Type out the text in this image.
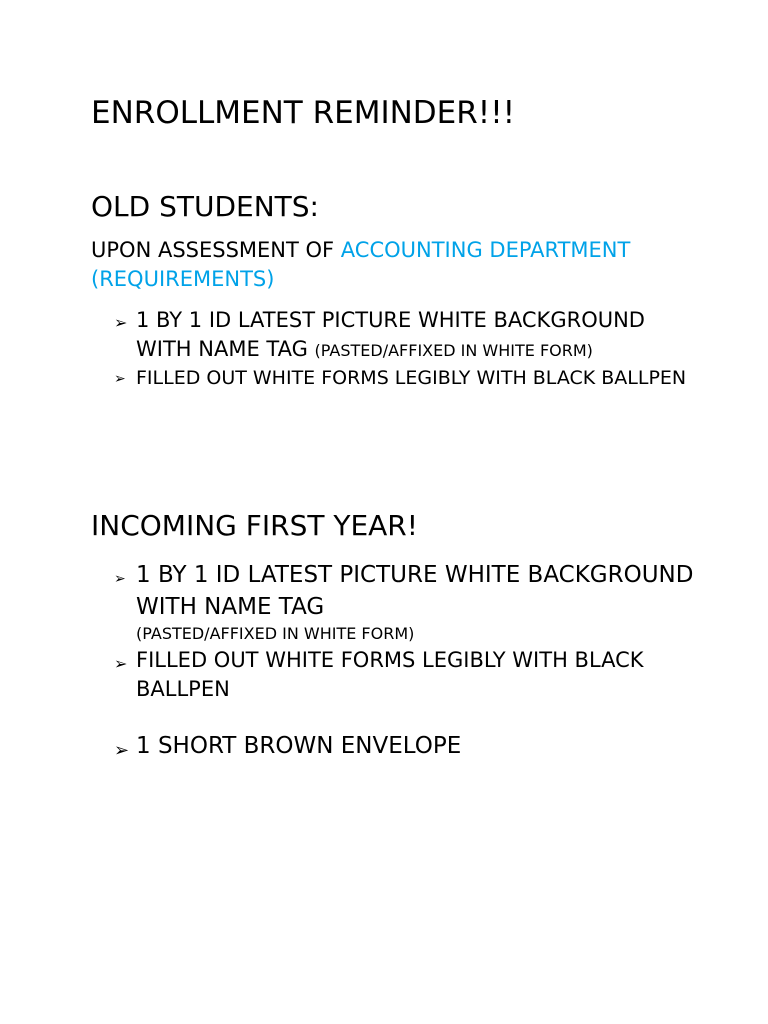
ENROLLMENT REMINDER!!!
OLD STUDENTS:
UPON ASSESSMENT OF ACCOUNTING DEPARTMENT (REQUIREMENTS)
➢ 1 BY 1 ID LATEST PICTURE WHITE BACKGROUND WITH NAME TAG (PASTED/AFFIXED IN WHITE FORM)
➢ FILLED OUT WHITE FORMS LEGIBLY WITH BLACK BALLPEN
INCOMING FIRST YEAR!
➢ 1 BY 1 ID LATEST PICTURE WHITE BACKGROUND WITH NAME TAG
(PASTED/AFFIXED IN WHITE FORM)
➢ FILLED OUT WHITE FORMS LEGIBLY WITH BLACK BALLPEN
➢ 1 SHORT BROWN ENVELOPE
